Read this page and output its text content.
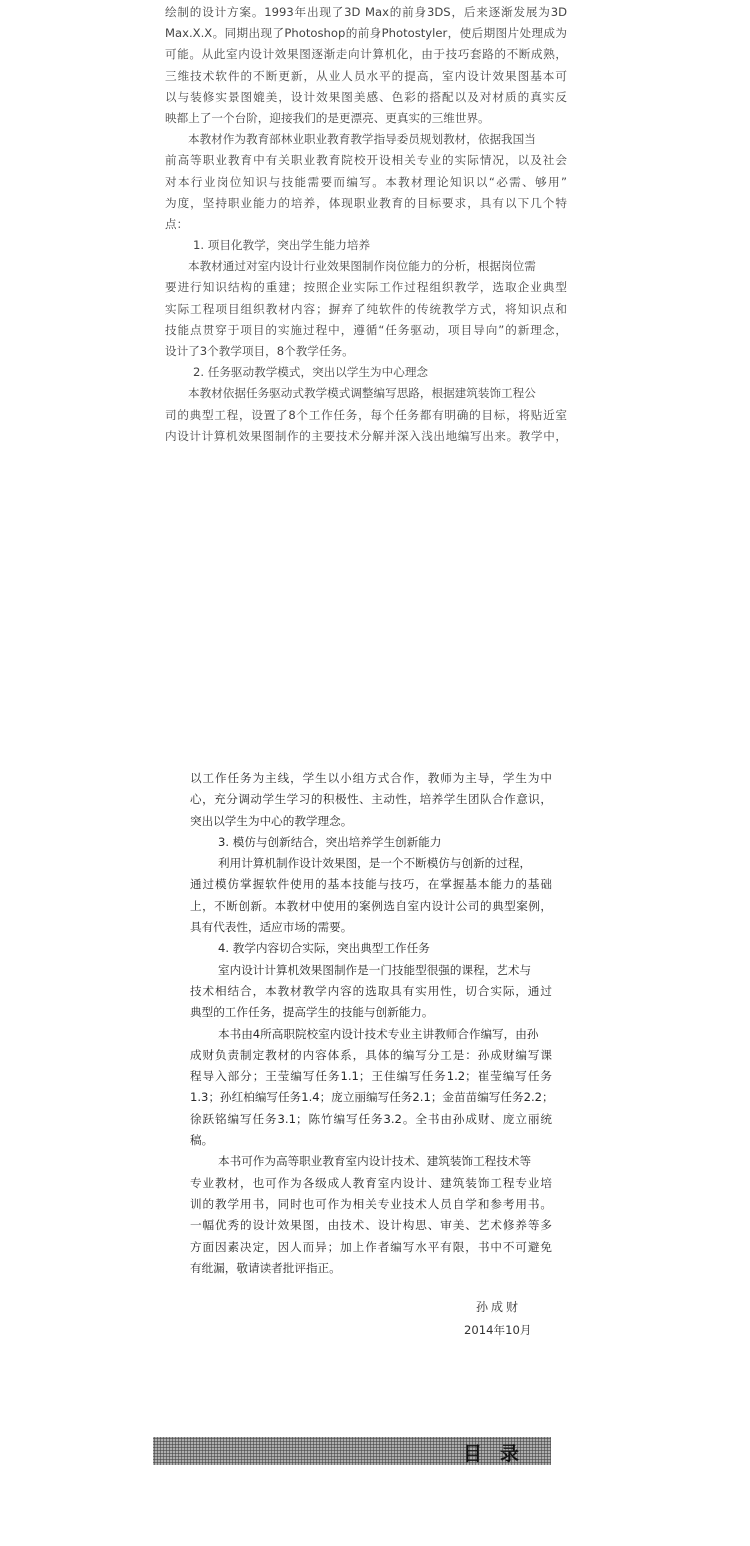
绘制的设计方案。1993年出现了3D Max的前身3DS，后来逐渐发展为3D
Max.X.X。同期出现了Photoshop的前身Photostyler，使后期图片处理成为
可能。从此室内设计效果图逐渐走向计算机化，由于技巧套路的不断成熟，
三维技术软件的不断更新，从业人员水平的提高，室内设计效果图基本可
以与装修实景图媲美，设计效果图美感、色彩的搭配以及对材质的真实反
映都上了一个台阶，迎接我们的是更漂亮、更真实的三维世界。
本教材作为教育部林业职业教育教学指导委员规划教材，依据我国当
前高等职业教育中有关职业教育院校开设相关专业的实际情况，以及社会
对本行业岗位知识与技能需要而编写。本教材理论知识以“必需、够用”
为度，坚持职业能力的培养，体现职业教育的目标要求，具有以下几个特
点：
1. 项目化教学，突出学生能力培养
本教材通过对室内设计行业效果图制作岗位能力的分析，根据岗位需
要进行知识结构的重建；按照企业实际工作过程组织教学，选取企业典型
实际工程项目组织教材内容；摒弃了纯软件的传统教学方式，将知识点和
技能点贯穿于项目的实施过程中，遵循“任务驱动，项目导向”的新理念，
设计了3个教学项目，8个教学任务。
2. 任务驱动教学模式，突出以学生为中心理念
本教材依据任务驱动式教学模式调整编写思路，根据建筑装饰工程公
司的典型工程，设置了8个工作任务，每个任务都有明确的目标，将贴近室
内设计计算机效果图制作的主要技术分解并深入浅出地编写出来。教学中，
以工作任务为主线，学生以小组方式合作，教师为主导，学生为中
心，充分调动学生学习的积极性、主动性，培养学生团队合作意识，
突出以学生为中心的教学理念。
3. 模仿与创新结合，突出培养学生创新能力
利用计算机制作设计效果图，是一个不断模仿与创新的过程，
通过模仿掌握软件使用的基本技能与技巧，在掌握基本能力的基础
上，不断创新。本教材中使用的案例选自室内设计公司的典型案例，
具有代表性，适应市场的需要。
4. 教学内容切合实际，突出典型工作任务
室内设计计算机效果图制作是一门技能型很强的课程，艺术与
技术相结合，本教材教学内容的选取具有实用性，切合实际，通过
典型的工作任务，提高学生的技能与创新能力。
本书由4所高职院校室内设计技术专业主讲教师合作编写，由孙
成财负责制定教材的内容体系，具体的编写分工是：孙成财编写课
程导入部分；王莹编写任务1.1；王佳编写任务1.2；崔莹编写任务
1.3；孙红柏编写任务1.4；庞立丽编写任务2.1；金苗苗编写任务2.2；
徐跃铭编写任务3.1；陈竹编写任务3.2。全书由孙成财、庞立丽统
稿。
本书可作为高等职业教育室内设计技术、建筑装饰工程技术等
专业教材，也可作为各级成人教育室内设计、建筑装饰工程专业培
训的教学用书，同时也可作为相关专业技术人员自学和参考用书。
一幅优秀的设计效果图，由技术、设计构思、审美、艺术修养等多
方面因素决定，因人而异；加上作者编写水平有限，书中不可避免
有纰漏，敬请读者批评指正。
孙成财
2014年10月
目录
